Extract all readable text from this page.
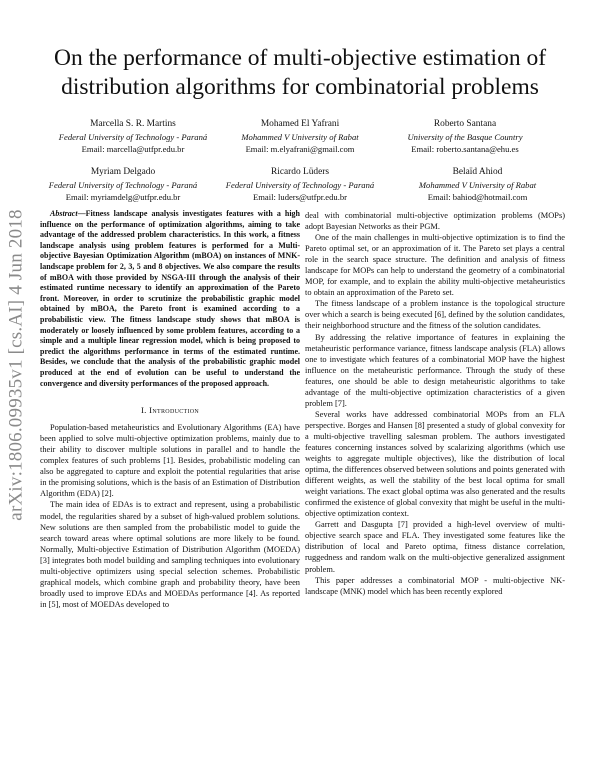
arXiv:1806.09935v1 [cs.AI] 4 Jun 2018
On the performance of multi-objective estimation of distribution algorithms for combinatorial problems
Marcella S. R. Martins
Federal University of Technology - Paraná
Email: marcella@utfpr.edu.br
Mohamed El Yafrani
Mohammed V University of Rabat
Email: m.elyafrani@gmail.com
Roberto Santana
University of the Basque Country
Email: roberto.santana@ehu.es
Myriam Delgado
Federal University of Technology - Paraná
Email: myriamdelg@utfpr.edu.br
Ricardo Lüders
Federal University of Technology - Paraná
Email: luders@utfpr.edu.br
Belaïd Ahiod
Mohammed V University of Rabat
Email: bahiod@hotmail.com

Abstract—Fitness landscape analysis investigates features with a high influence on the performance of optimization algorithms, aiming to take advantage of the addressed problem characteristics. In this work, a fitness landscape analysis using problem features is performed for a Multi-objective Bayesian Optimization Algorithm (mBOA) on instances of MNK-landscape problem for 2, 3, 5 and 8 objectives. We also compare the results of mBOA with those provided by NSGA-III through the analysis of their estimated runtime necessary to identify an approximation of the Pareto front. Moreover, in order to scrutinize the probabilistic graphic model obtained by mBOA, the Pareto front is examined according to a probabilistic view. The fitness landscape study shows that mBOA is moderately or loosely influenced by some problem features, according to a simple and a multiple linear regression model, which is being proposed to predict the algorithms performance in terms of the estimated runtime. Besides, we conclude that the analysis of the probabilistic graphic model produced at the end of evolution can be useful to understand the convergence and diversity performances of the proposed approach.

I. Introduction

Population-based metaheuristics and Evolutionary Algorithms (EA) have been applied to solve multi-objective optimization problems, mainly due to their ability to discover multiple solutions in parallel and to handle the complex features of such problems [1]. Besides, probabilistic modeling can also be aggregated to capture and exploit the potential regularities that arise in the promising solutions, which is the basis of an Estimation of Distribution Algorithm (EDA) [2].

The main idea of EDAs is to extract and represent, using a probabilistic model, the regularities shared by a subset of high-valued problem solutions. New solutions are then sampled from the probabilistic model to guide the search toward areas where optimal solutions are more likely to be found. Normally, Multi-objective Estimation of Distribution Algorithm (MOEDA) [3] integrates both model building and sampling techniques into evolutionary multi-objective optimizers using special selection schemes. Probabilistic graphical models, which combine graph and probability theory, have been broadly used to improve EDAs and MOEDAs performance [4]. As reported in [5], most of MOEDAs developed to

deal with combinatorial multi-objective optimization problems (MOPs) adopt Bayesian Networks as their PGM.

One of the main challenges in multi-objective optimization is to find the Pareto optimal set, or an approximation of it. The Pareto set plays a central role in the search space structure. The definition and analysis of fitness landscape for MOPs can help to understand the geometry of a combinatorial MOP, for example, and to explain the ability multi-objective metaheuristics to obtain an approximation of the Pareto set.

The fitness landscape of a problem instance is the topological structure over which a search is being executed [6], defined by the solution candidates, their neighborhood structure and the fitness of the solution candidates.

By addressing the relative importance of features in explaining the metaheuristic performance variance, fitness landscape analysis (FLA) allows one to investigate which features of a combinatorial MOP have the highest influence on the metaheuristic performance. Through the study of these features, one should be able to design metaheuristic algorithms to take advantage of the multi-objective optimization characteristics of a given problem [7].

Several works have addressed combinatorial MOPs from an FLA perspective. Borges and Hansen [8] presented a study of global convexity for a multi-objective travelling salesman problem. The authors investigated features concerning instances solved by scalarizing algorithms (which use weights to aggregate multiple objectives), like the distribution of local optima, the differences observed between solutions and points generated with different weights, as well the stability of the best local optima for small weight variations. The exact global optima was also generated and the results confirmed the existence of global convexity that might be useful in the multi-objective optimization context.

Garrett and Dasgupta [7] provided a high-level overview of multi-objective search space and FLA. They investigated some features like the distribution of local and Pareto optima, fitness distance correlation, ruggedness and random walk on the multi-objective generalized assignment problem.

This paper addresses a combinatorial MOP - multi-objective NK-landscape (MNK) model which has been recently explored
